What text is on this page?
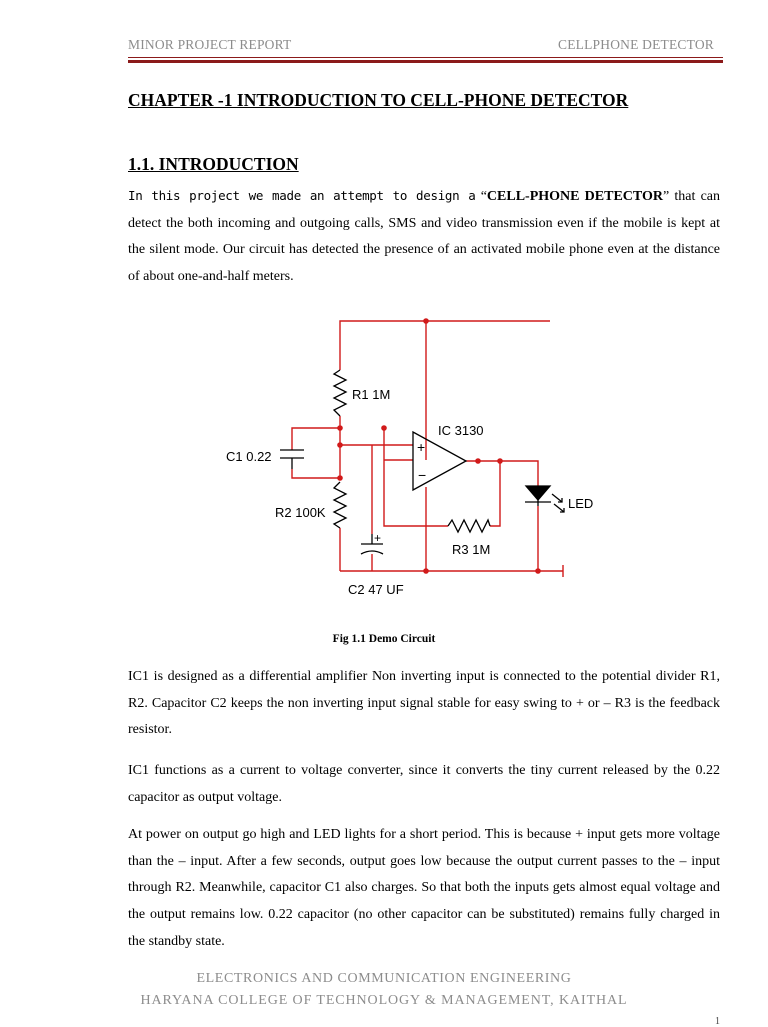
MINOR PROJECT REPORT	CELLPHONE DETECTOR
CHAPTER -1 INTRODUCTION TO CELL-PHONE DETECTOR
1.1. INTRODUCTION

In this project we made an attempt to design a “CELL-PHONE DETECTOR” that can detect the both incoming and outgoing calls, SMS and video transmission even if the mobile is kept at the silent mode. Our circuit has detected the presence of an activated mobile phone even at the distance of about one-and-half meters.

R1 1M
IC 3130
C1 0.22
+
−
LED
R2 100K
+
R3 1M
C2 47 UF
Fig 1.1 Demo Circuit

IC1 is designed as a differential amplifier Non inverting input is connected to the potential divider R1, R2. Capacitor C2 keeps the non inverting input signal stable for easy swing to + or – R3 is the feedback resistor.

IC1 functions as a current to voltage converter, since it converts the tiny current released by the 0.22 capacitor as output voltage.

At power on output go high and LED lights for a short period. This is because + input gets more voltage than the – input. After a few seconds, output goes low because the output current passes to the – input through R2. Meanwhile, capacitor C1 also charges. So that both the inputs gets almost equal voltage and the output remains low. 0.22 capacitor (no other capacitor can be substituted) remains fully charged in the standby state.

ELECTRONICS AND COMMUNICATION ENGINEERING
HARYANA COLLEGE OF TECHNOLOGY & MANAGEMENT, KAITHAL
1
